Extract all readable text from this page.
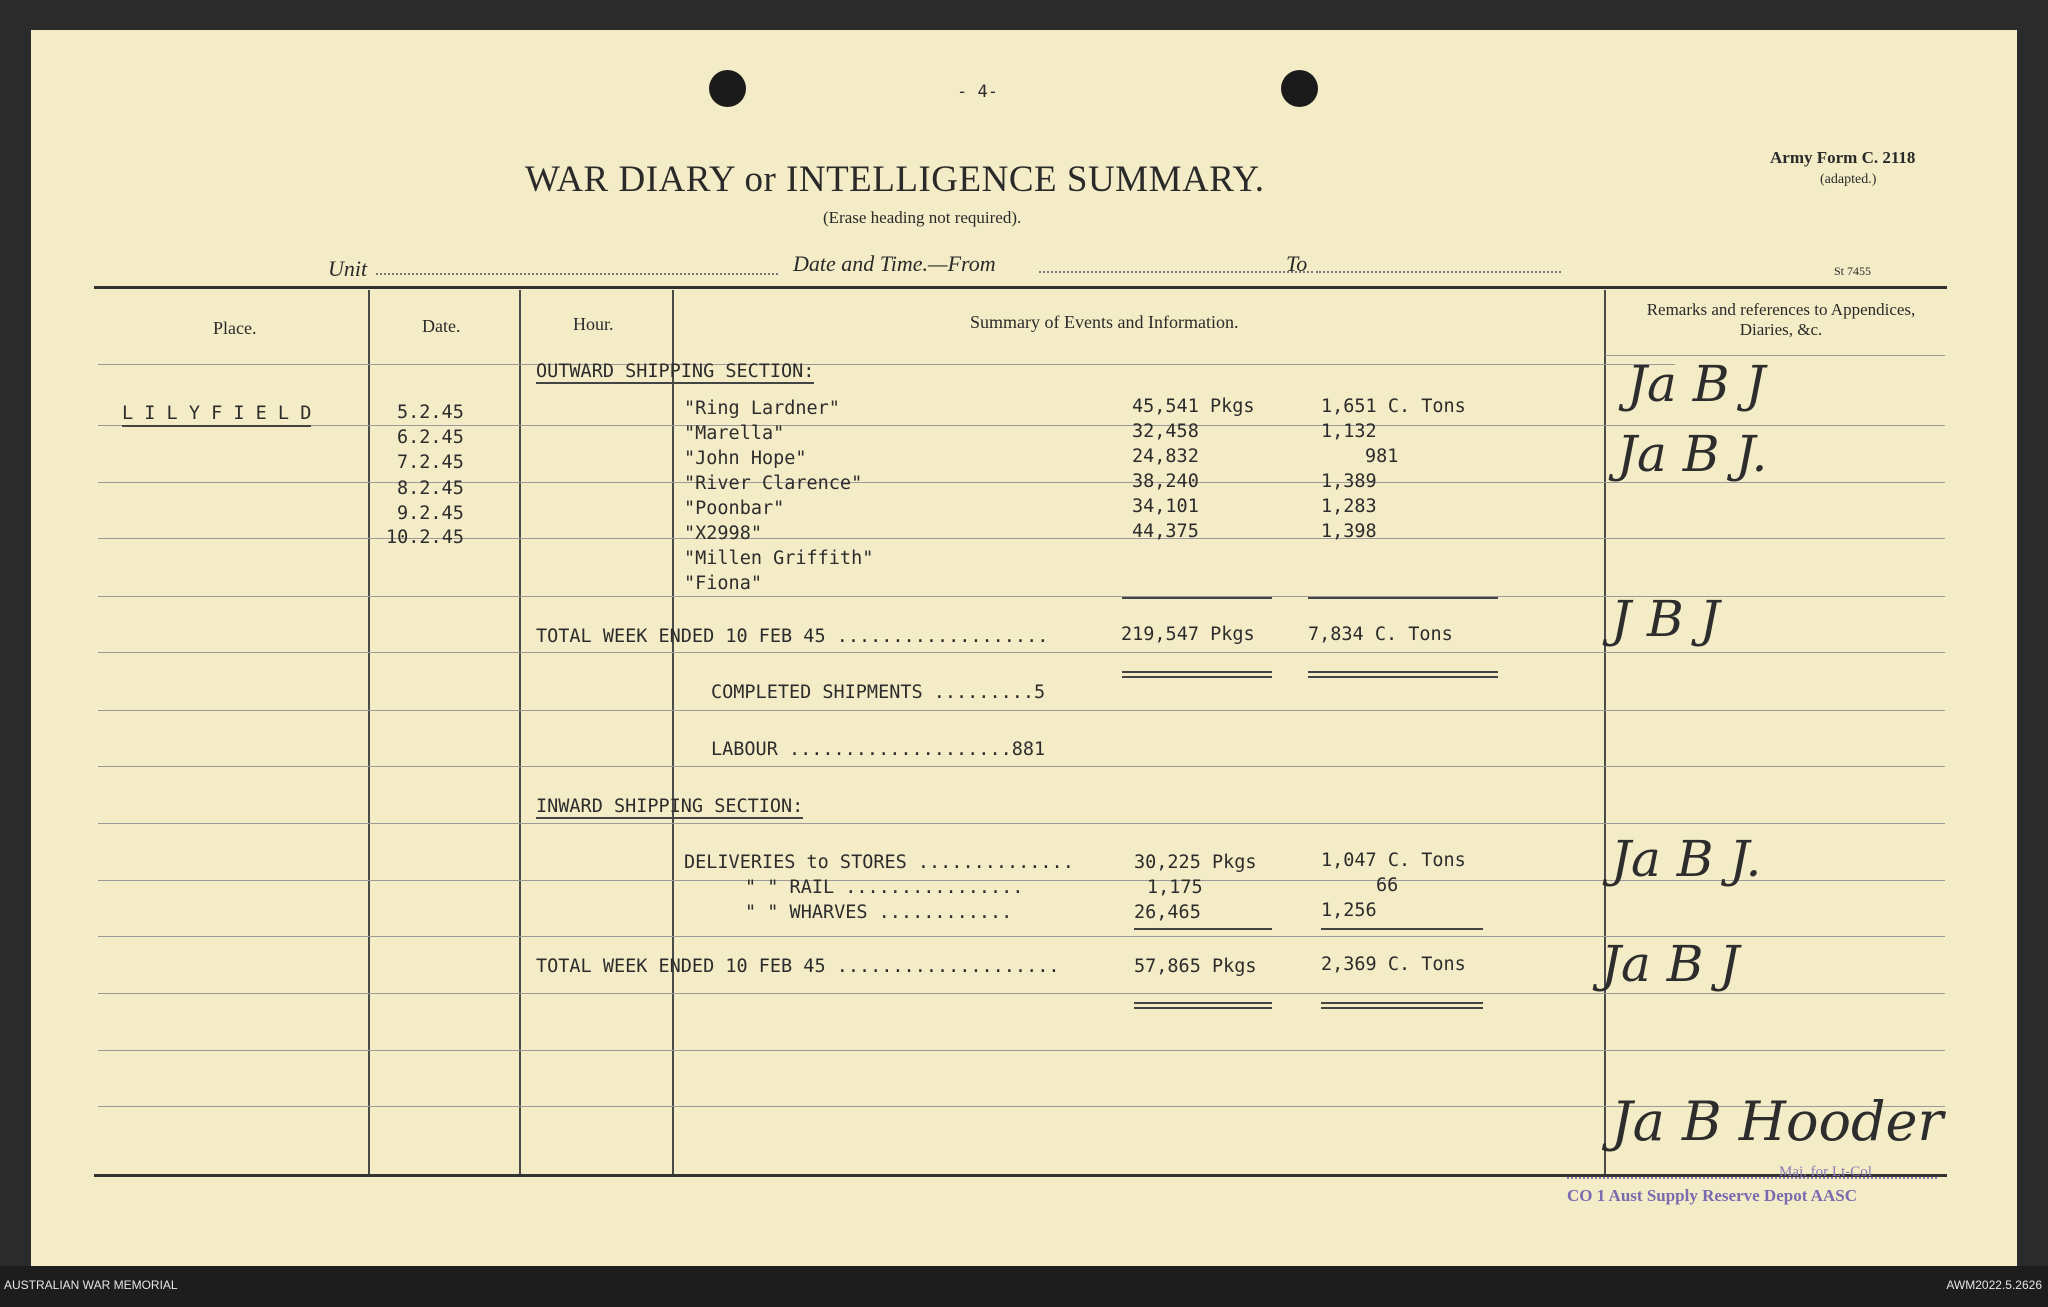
- 4-
WAR DIARY or INTELLIGENCE SUMMARY.
(Erase heading not required).
Army Form C. 2118
(adapted.)
Unit	Date and Time.—From	To	St 7455
Place.	Date.	Hour.	Summary of Events and Information.
Remarks and references to Appendices, Diaries, &c.
L I L Y F I E L D	5.2.45
6.2.45
7.2.45
8.2.45
9.2.45
10.2.45
OUTWARD SHIPPING SECTION:
"Ring Lardner"	45,541 Pkgs	1,651 C. Tons
"Marella"	32,458	1,132
"John Hope"	24,832	981
"River Clarence"	38,240	1,389
"Poonbar"	34,101	1,283
"X2998"	44,375	1,398
"Millen Griffith"
"Fiona"
TOTAL WEEK ENDED 10 FEB 45 ...................	219,547 Pkgs	7,834 C. Tons
COMPLETED SHIPMENTS .........5
LABOUR ....................881
INWARD SHIPPING SECTION:
DELIVERIES to STORES ..............	30,225 Pkgs	1,047 C. Tons
" " RAIL ................	1,175	66
" " WHARVES ............	26,465	1,256
TOTAL WEEK ENDED 10 FEB 45 ....................	57,865 Pkgs	2,369 C. Tons
Ja B J
Ja B J.
J B J
Ja B J.
Ja B J
Ja B Hooder
Maj. for Lt-Col
CO 1 Aust Supply Reserve Depot AASC
AUSTRALIAN WAR MEMORIAL	AWM2022.5.2626
